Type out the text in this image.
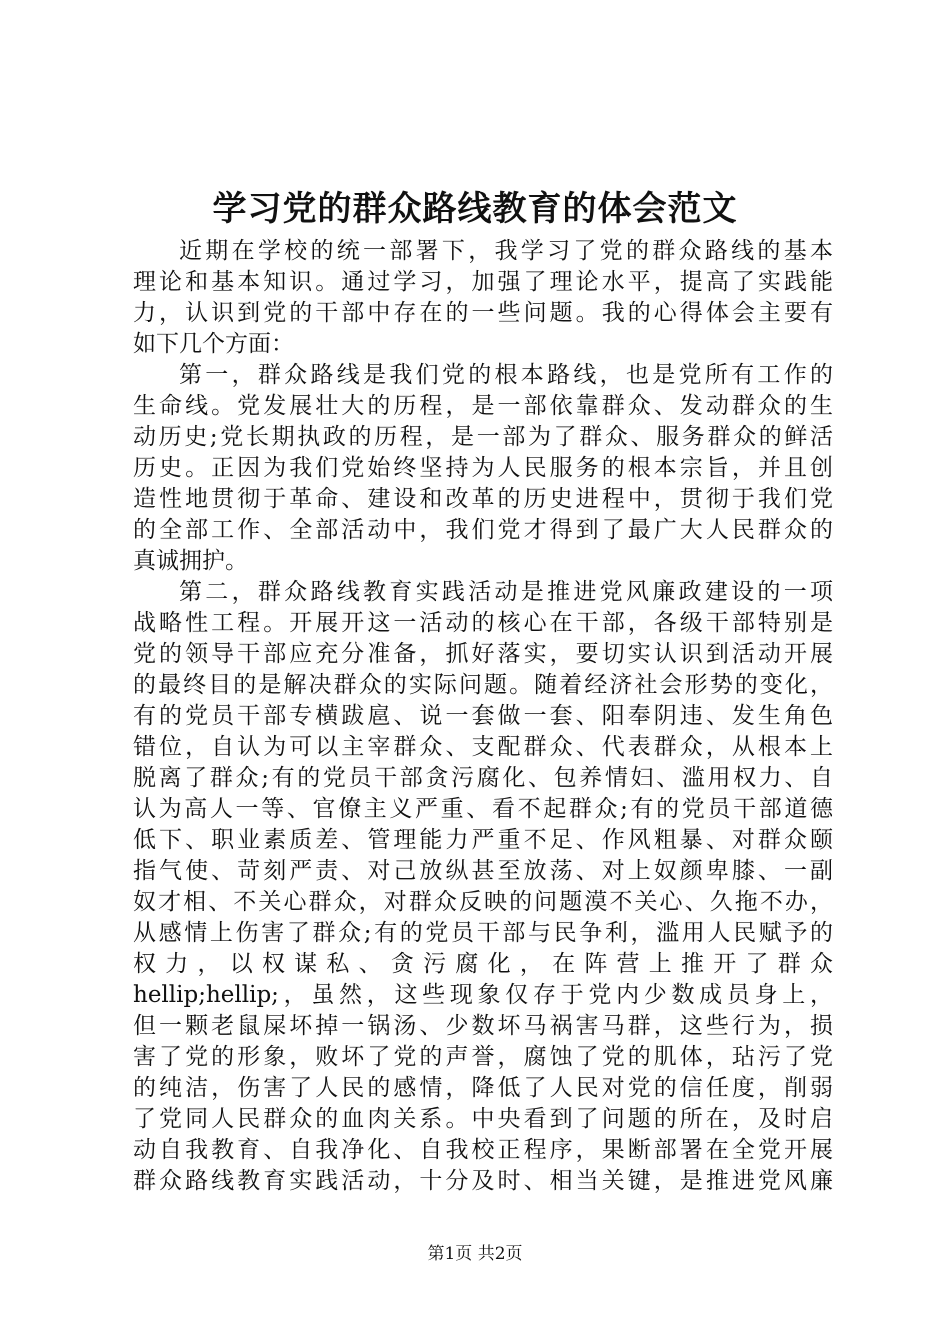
学习党的群众路线教育的体会范文
近期在学校的统一部署下，我学习了党的群众路线的基本
理论和基本知识。通过学习，加强了理论水平，提高了实践能
力，认识到党的干部中存在的一些问题。我的心得体会主要有
如下几个方面：
第一，群众路线是我们党的根本路线，也是党所有工作的
生命线。党发展壮大的历程，是一部依靠群众、发动群众的生
动历史;党长期执政的历程，是一部为了群众、服务群众的鲜活
历史。正因为我们党始终坚持为人民服务的根本宗旨，并且创
造性地贯彻于革命、建设和改革的历史进程中，贯彻于我们党
的全部工作、全部活动中，我们党才得到了最广大人民群众的
真诚拥护。
第二，群众路线教育实践活动是推进党风廉政建设的一项
战略性工程。开展开这一活动的核心在干部，各级干部特别是
党的领导干部应充分准备，抓好落实，要切实认识到活动开展
的最终目的是解决群众的实际问题。随着经济社会形势的变化，
有的党员干部专横跋扈、说一套做一套、阳奉阴违、发生角色
错位，自认为可以主宰群众、支配群众、代表群众，从根本上
脱离了群众;有的党员干部贪污腐化、包养情妇、滥用权力、自
认为高人一等、官僚主义严重、看不起群众;有的党员干部道德
低下、职业素质差、管理能力严重不足、作风粗暴、对群众颐
指气使、苛刻严责、对己放纵甚至放荡、对上奴颜卑膝、一副
奴才相、不关心群众，对群众反映的问题漠不关心、久拖不办，
从感情上伤害了群众;有的党员干部与民争利，滥用人民赋予的
权 力 ， 以 权 谋 私 、 贪 污 腐 化 ， 在 阵 营 上 推 开 了 群 众
hellip;hellip;，虽然，这些现象仅存于党内少数成员身上，
但一颗老鼠屎坏掉一锅汤、少数坏马祸害马群，这些行为，损
害了党的形象，败坏了党的声誉，腐蚀了党的肌体，玷污了党
的纯洁，伤害了人民的感情，降低了人民对党的信任度，削弱
了党同人民群众的血肉关系。中央看到了问题的所在，及时启
动自我教育、自我净化、自我校正程序，果断部署在全党开展
群众路线教育实践活动，十分及时、相当关键，是推进党风廉
第1页 共2页
